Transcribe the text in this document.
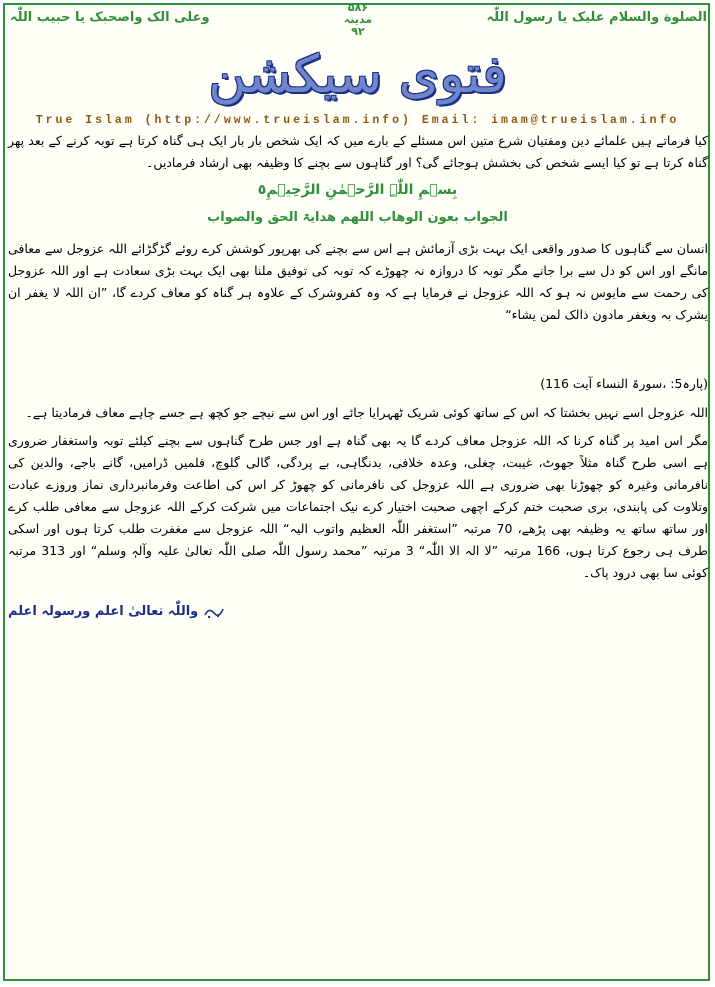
الصلوة والسلام علیک یا رسول اللّٰہ
۵۸۶
مدینہ
۹۲
وعلی الک واصحبک یا حبیب اللّٰہ
فتوی سیکشن
True Islam (http://www.trueislam.info) Email: imam@trueislam.info
کیا فرماتے ہیں علمائے دین ومفتیان شرع متین اس مسئلے کے بارے میں کہ ایک شخص بار بار ایک ہی گناہ کرتا ہے توبہ کرنے کے بعد پھر گناہ کرتا ہے تو کیا ایسے شخص کی بخشش ہوجائے گی؟ اور گناہوں سے بچنے کا وظیفہ بھی ارشاد فرمادیں۔
بِسۡمِ اللّٰہِ الرَّحۡمٰنِ الرَّحِیۡمِ٥
الجواب بعون الوھاب اللھم ھدایۃ الحق والصواب
انسان سے گناہوں کا صدور واقعی ایک بہت بڑی آزمائش ہے اس سے بچنے کی بھرپور کوشش کرے روئے گڑگڑائے اللہ عزوجل سے معافی مانگے اور اس کو دل سے برا جانے مگر توبہ کا دروازہ نہ چھوڑے کہ توبہ کی توفیق ملنا بھی ایک بہت بڑی سعادت ہے اور اللہ عزوجل کی رحمت سے مایوس نہ ہو کہ اللہ عزوجل نے فرمایا ہے کہ وہ کفروشرک کے علاوہ ہر گناہ کو معاف کردے گا، ”ان اللہ لا یغفر ان یشرک بہ ویغفر مادون ذالک لمن یشاء“
(پارہ5: ،سورۃ النساء آیت 116)
اللہ عزوجل اسے نہیں بخشتا کہ اس کے ساتھ کوئی شریک ٹھہرایا جائے اور اس سے نیچے جو کچھ ہے جسے چاہے معاف فرمادیتا ہے۔
مگر اس امید پر گناہ کرنا کہ اللہ عزوجل معاف کردے گا یہ بھی گناہ ہے اور جس طرح گناہوں سے بچنے کیلئے توبہ واستغفار ضروری ہے اسی طرح گناہ مثلاً جھوٹ، غیبت، چغلی، وعدہ خلافی، بدنگاہی، بے پردگی، گالی گلوچ، فلمیں ڈرامیں، گانے باجے، والدین کی نافرمانی وغیرہ کو چھوڑنا بھی ضروری ہے اللہ عزوجل کی نافرمانی کو چھوڑ کر اس کی اطاعت وفرمانبرداری نماز وروزے عبادت وتلاوت کی پابندی، بری صحبت ختم کرکے اچھی صحبت اختیار کرے نیک اجتماعات میں شرکت کرکے اللہ عزوجل سے معافی طلب کرے اور ساتھ ساتھ یہ وظیفہ بھی پڑھے، 70 مرتبہ ”استغفر اللّٰہ العظیم واتوب الیہ“ اللہ عزوجل سے مغفرت طلب کرتا ہوں اور اسکی طرف ہی رجوع کرتا ہوں، 166 مرتبہ ”لا الہ الا اللّٰہ“ 3 مرتبہ ”محمد رسول اللّٰہ صلی اللّٰہ تعالیٰ علیہ وآلہٖ وسلم“ اور 313 مرتبہ کوئی سا بھی درود پاک۔
واللّٰہ تعالیٰ اعلم ورسولہ اعلم
